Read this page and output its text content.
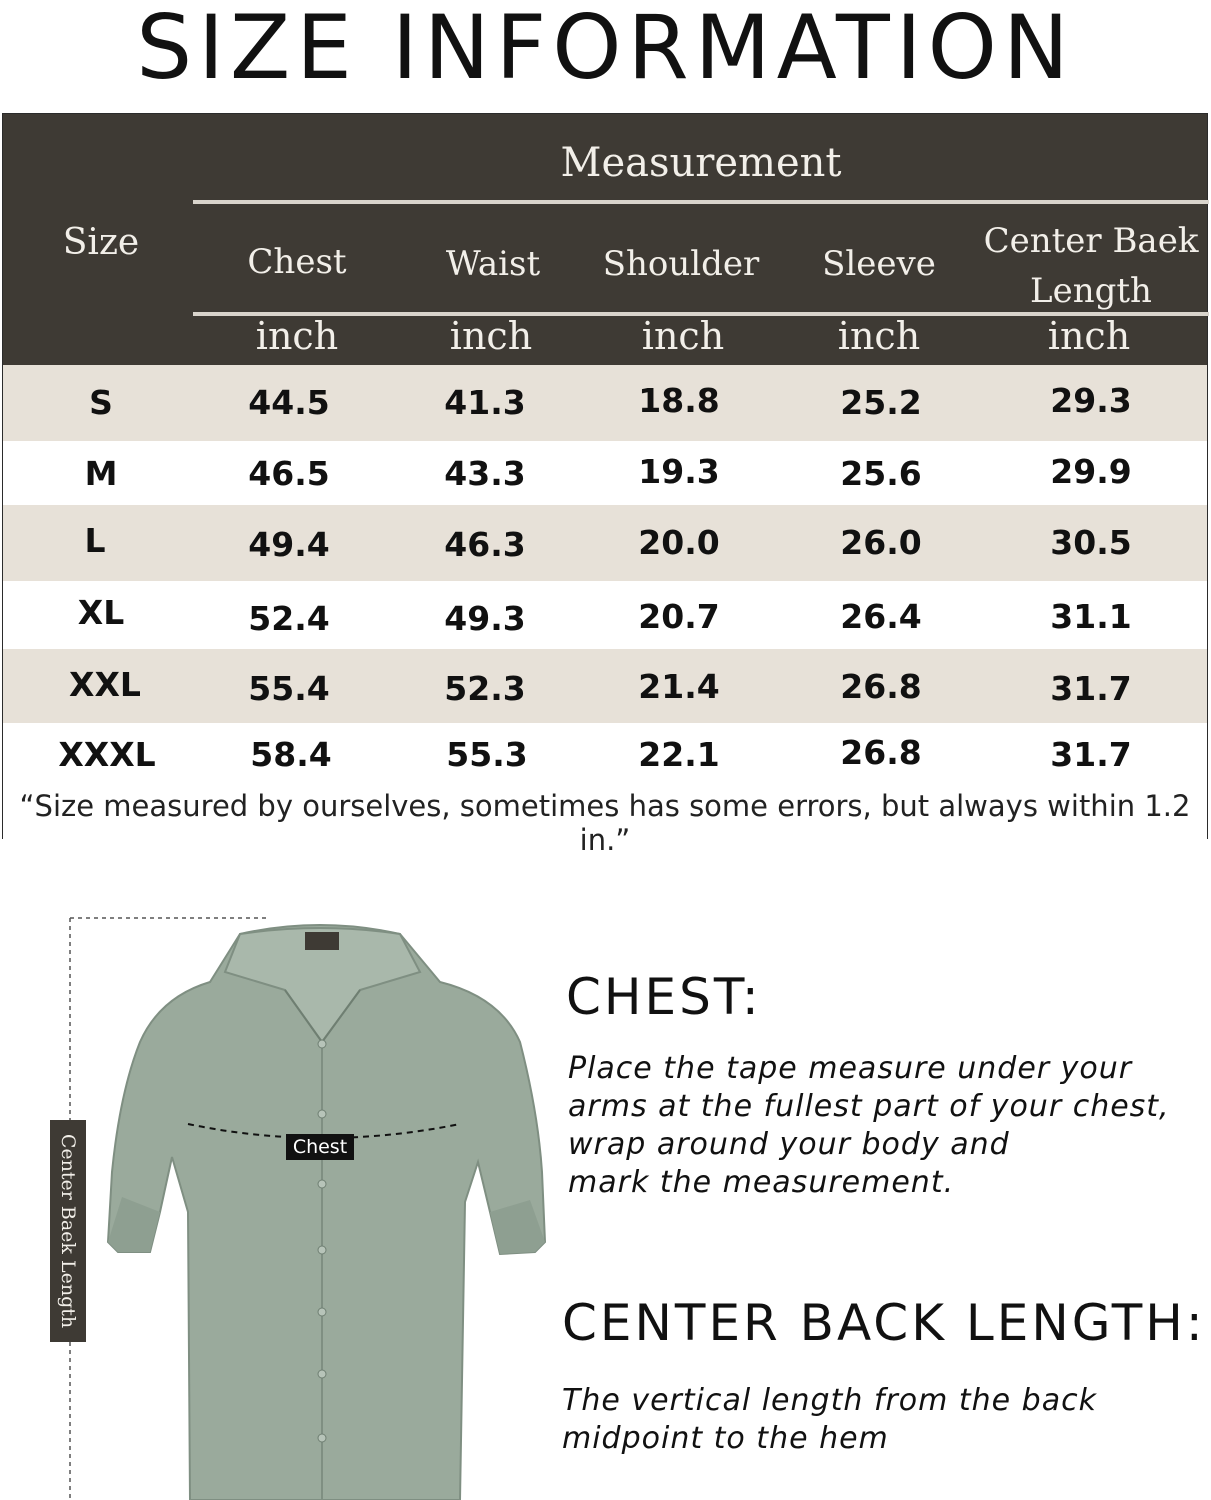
SIZE INFORMATION
Measurement
Size	Chest	Waist	Shoulder	Sleeve
Center Baek
Length
inch	inch	inch	inch	inch
S	44.5	41.3	18.8	25.2	29.3
M	46.5	43.3	19.3	25.6	29.9
L	49.4	46.3	20.0	26.0	30.5
XL	52.4	49.3	20.7	26.4	31.1
XXL	55.4	52.3	21.4	26.8	31.7
XXXL	58.4	55.3	22.1	26.8	31.7
“Size measured by ourselves, sometimes has some errors, but always within 1.2 in.”
Chest
Center Baek Length
CHEST:
Place the tape measure under your
arms at the fullest part of your chest,
wrap around your body and
mark the measurement.
CENTER BACK LENGTH:
The vertical length from the back
midpoint to the hem
